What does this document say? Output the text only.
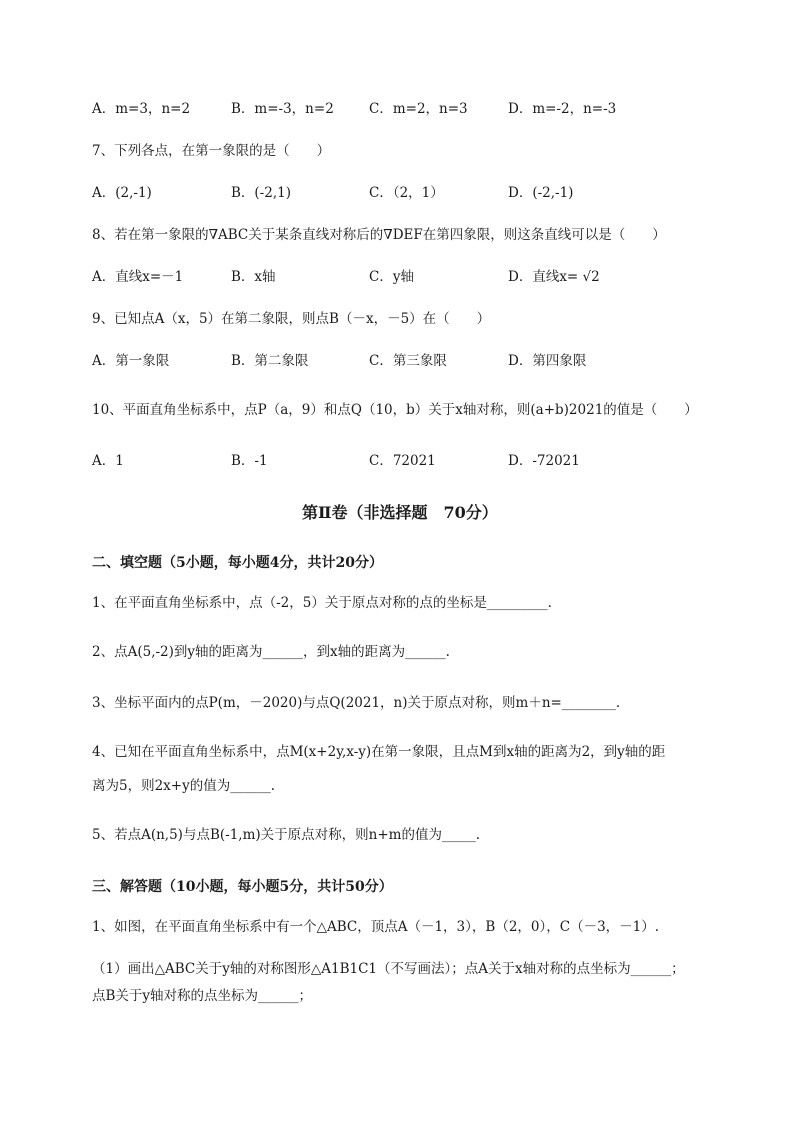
A．m=3，n=2	B．m=-3，n=2	C．m=2，n=3	D．m=-2，n=-3
7、下列各点，在第一象限的是（　　）
A．(2,-1)	B．(-2,1)	C．（2，1）	D．(-2,-1)
8、若在第一象限的∇ABC关于某条直线对称后的∇DEF在第四象限，则这条直线可以是（　　）
A．直线x=－1	B．x轴	C．y轴	D．直线x= √2
9、已知点A（x，5）在第二象限，则点B（－x，－5）在（　　）
A．第一象限	B．第二象限	C．第三象限	D．第四象限
10、平面直角坐标系中，点P（a，9）和点Q（10，b）关于x轴对称，则(a+b)2021的值是（　　）
A．1	B．-1	C．72021	D．-72021
第Ⅱ卷（非选择题　70分）
二、填空题（5小题，每小题4分，共计20分）
1、在平面直角坐标系中，点（-2，5）关于原点对称的点的坐标是_________.
2、点A(5,-2)到y轴的距离为______，到x轴的距离为______.
3、坐标平面内的点P(m，－2020)与点Q(2021，n)关于原点对称，则m＋n=________.
4、已知在平面直角坐标系中，点M(x+2y,x-y)在第一象限，且点M到x轴的距离为2，到y轴的距
离为5，则2x+y的值为______.
5、若点A(n,5)与点B(-1,m)关于原点对称，则n+m的值为_____.
三、解答题（10小题，每小题5分，共计50分）
1、如图，在平面直角坐标系中有一个△ABC，顶点A（－1，3），B（2，0），C（－3，－1）.
（1）画出△ABC关于y轴的对称图形△A1B1C1（不写画法）；点A关于x轴对称的点坐标为______；
点B关于y轴对称的点坐标为______；
